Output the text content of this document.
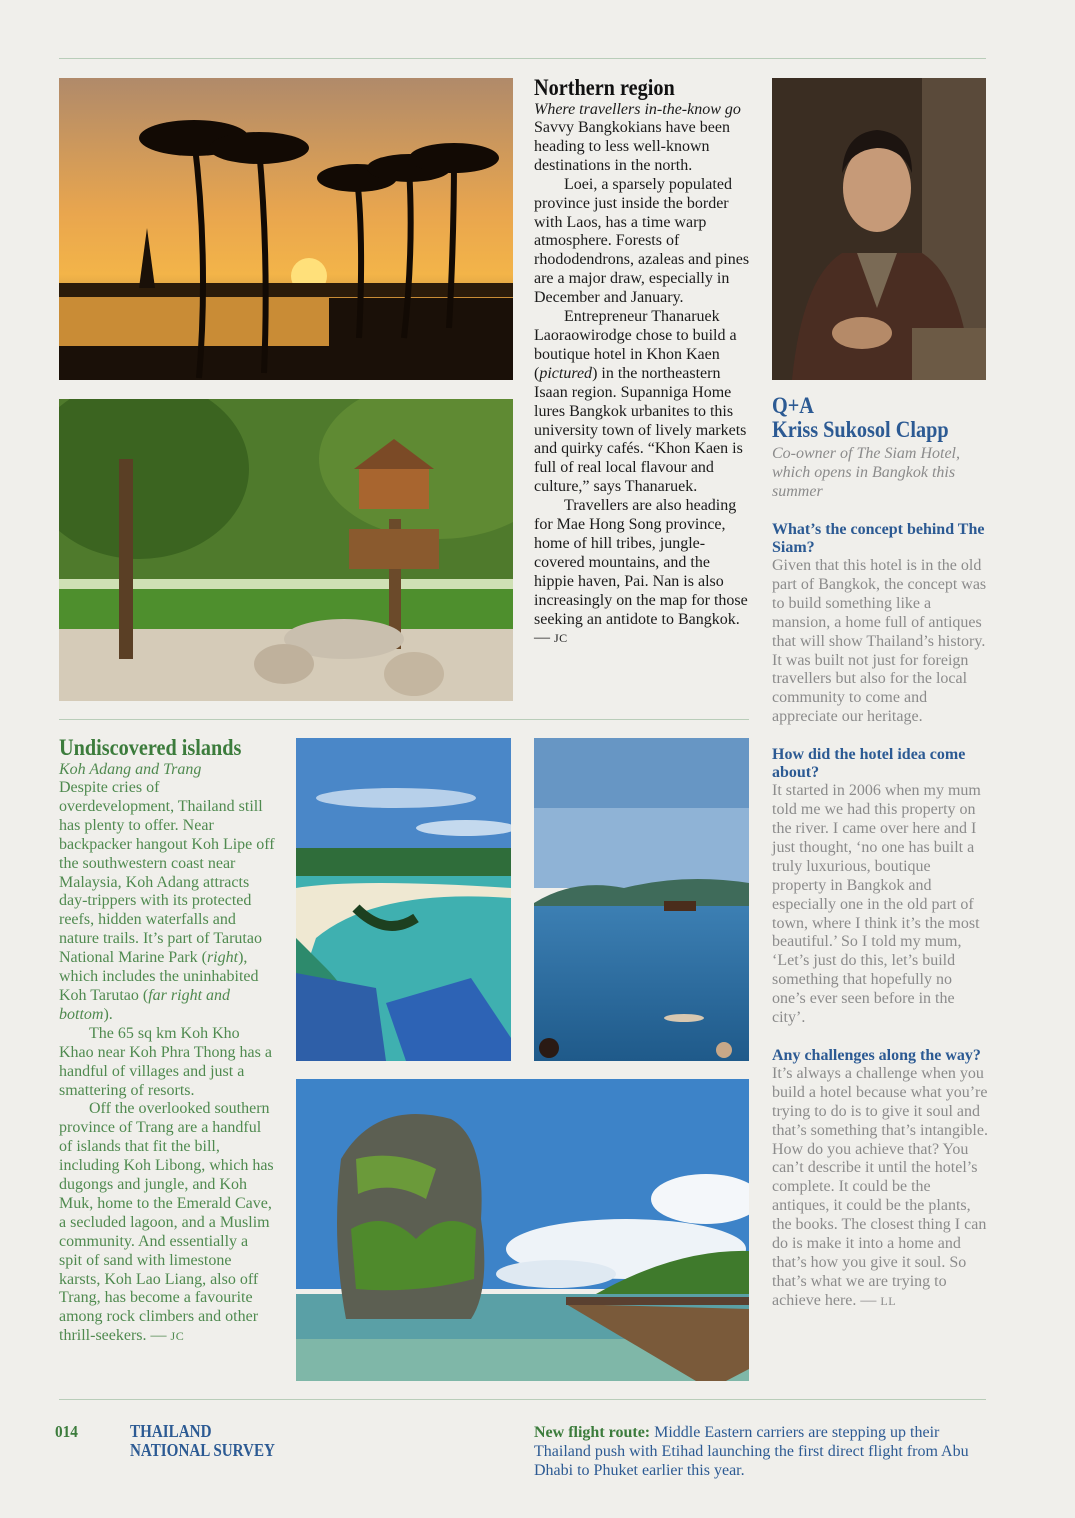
Northern region

Where travellers in-the-know go

Savvy Bangkokians have been heading to less well-known destinations in the north.

Loei, a sparsely populated province just inside the border with Laos, has a time warp atmosphere. Forests of rhododendrons, azaleas and pines are a major draw, especially in December and January.

Entrepreneur Thanaruek Laoraowirodge chose to build a boutique hotel in Khon Kaen (pictured) in the northeastern Isaan region. Supanniga Home lures Bangkok urbanites to this university town of lively markets and quirky cafés. “Khon Kaen is full of real local flavour and culture,” says Thanaruek.

Travellers are also heading for Mae Hong Song province, home of hill tribes, jungle-covered mountains, and the hippie haven, Pai. Nan is also increasingly on the map for those seeking an antidote to Bangkok. — JC

Undiscovered islands

Koh Adang and Trang

Despite cries of overdevelopment, Thailand still has plenty to offer. Near backpacker hangout Koh Lipe off the southwestern coast near Malaysia, Koh Adang attracts day-trippers with its protected reefs, hidden waterfalls and nature trails. It’s part of Tarutao National Marine Park (right), which includes the uninhabited Koh Tarutao (far right and bottom).

The 65 sq km Koh Kho Khao near Koh Phra Thong has a handful of villages and just a smattering of resorts.

Off the overlooked southern province of Trang are a handful of islands that fit the bill, including Koh Libong, which has dugongs and jungle, and Koh Muk, home to the Emerald Cave, a secluded lagoon, and a Muslim community. And essentially a spit of sand with limestone karsts, Koh Lao Liang, also off Trang, has become a favourite among rock climbers and other thrill-seekers. — JC

Q+A
Kriss Sukosol Clapp

Co-owner of The Siam Hotel, which opens in Bangkok this summer

What’s the concept behind The Siam?

Given that this hotel is in the old part of Bangkok, the concept was to build something like a mansion, a home full of antiques that will show Thailand’s history. It was built not just for foreign travellers but also for the local community to come and appreciate our heritage.

How did the hotel idea come about?

It started in 2006 when my mum told me we had this property on the river. I came over here and I just thought, ‘no one has built a truly luxurious, boutique property in Bangkok and especially one in the old part of town, where I think it’s the most beautiful.’ So I told my mum, ‘Let’s just do this, let’s build something that hopefully no one’s ever seen before in the city’.

Any challenges along the way?

It’s always a challenge when you build a hotel because what you’re trying to do is to give it soul and that’s something that’s intangible. How do you achieve that? You can’t describe it until the hotel’s complete. It could be the antiques, it could be the plants, the books. The closest thing I can do is make it into a home and that’s how you give it soul. So that’s what we are trying to achieve here. — LL

014	THAILAND
NATIONAL SURVEY
New flight route: Middle Eastern carriers are stepping up their Thailand push with Etihad launching the first direct flight from Abu Dhabi to Phuket earlier this year.
